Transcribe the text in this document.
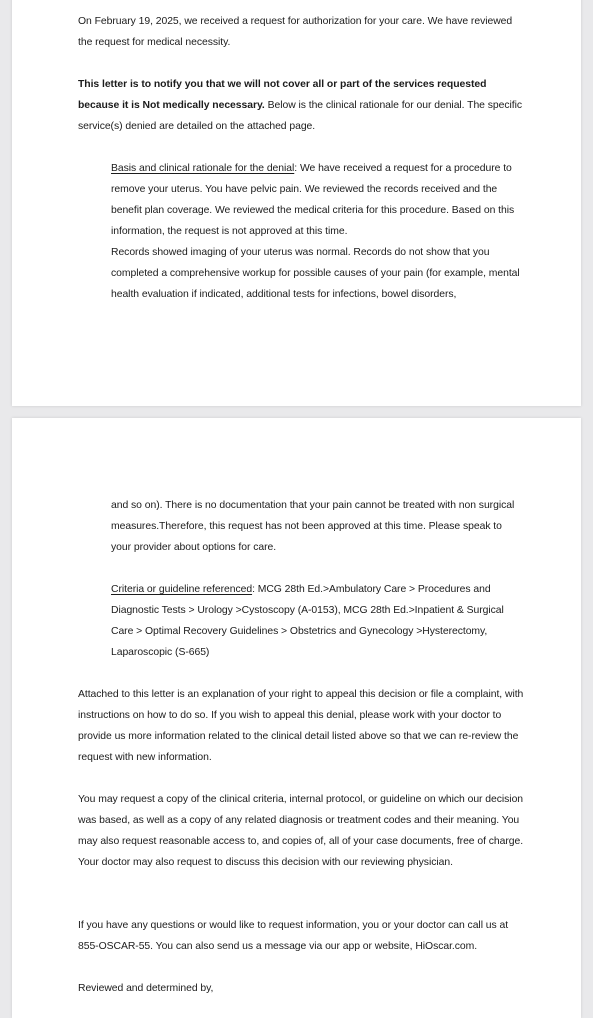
On February 19, 2025, we received a request for authorization for your care. We have reviewed the request for medical necessity.

This letter is to notify you that we will not cover all or part of the services requested because it is Not medically necessary. Below is the clinical rationale for our denial. The specific service(s) denied are detailed on the attached page.

Basis and clinical rationale for the denial: We have received a request for a procedure to remove your uterus. You have pelvic pain. We reviewed the records received and the benefit plan coverage. We reviewed the medical criteria for this procedure. Based on this information, the request is not approved at this time.

Records showed imaging of your uterus was normal. Records do not show that you completed a comprehensive workup for possible causes of your pain (for example, mental health evaluation if indicated, additional tests for infections, bowel disorders,

and so on). There is no documentation that your pain cannot be treated with non surgical measures.Therefore, this request has not been approved at this time. Please speak to your provider about options for care.

Criteria or guideline referenced: MCG 28th Ed.>Ambulatory Care > Procedures and Diagnostic Tests > Urology >Cystoscopy (A-0153), MCG 28th Ed.>Inpatient & Surgical Care > Optimal Recovery Guidelines > Obstetrics and Gynecology >Hysterectomy, Laparoscopic (S-665)

Attached to this letter is an explanation of your right to appeal this decision or file a complaint, with instructions on how to do so. If you wish to appeal this denial, please work with your doctor to provide us more information related to the clinical detail listed above so that we can re-review the request with new information.

You may request a copy of the clinical criteria, internal protocol, or guideline on which our decision was based, as well as a copy of any related diagnosis or treatment codes and their meaning. You may also request reasonable access to, and copies of, all of your case documents, free of charge. Your doctor may also request to discuss this decision with our reviewing physician.

If you have any questions or would like to request information, you or your doctor can call us at 855-OSCAR-55. You can also send us a message via our app or website, HiOscar.com.

Reviewed and determined by,
